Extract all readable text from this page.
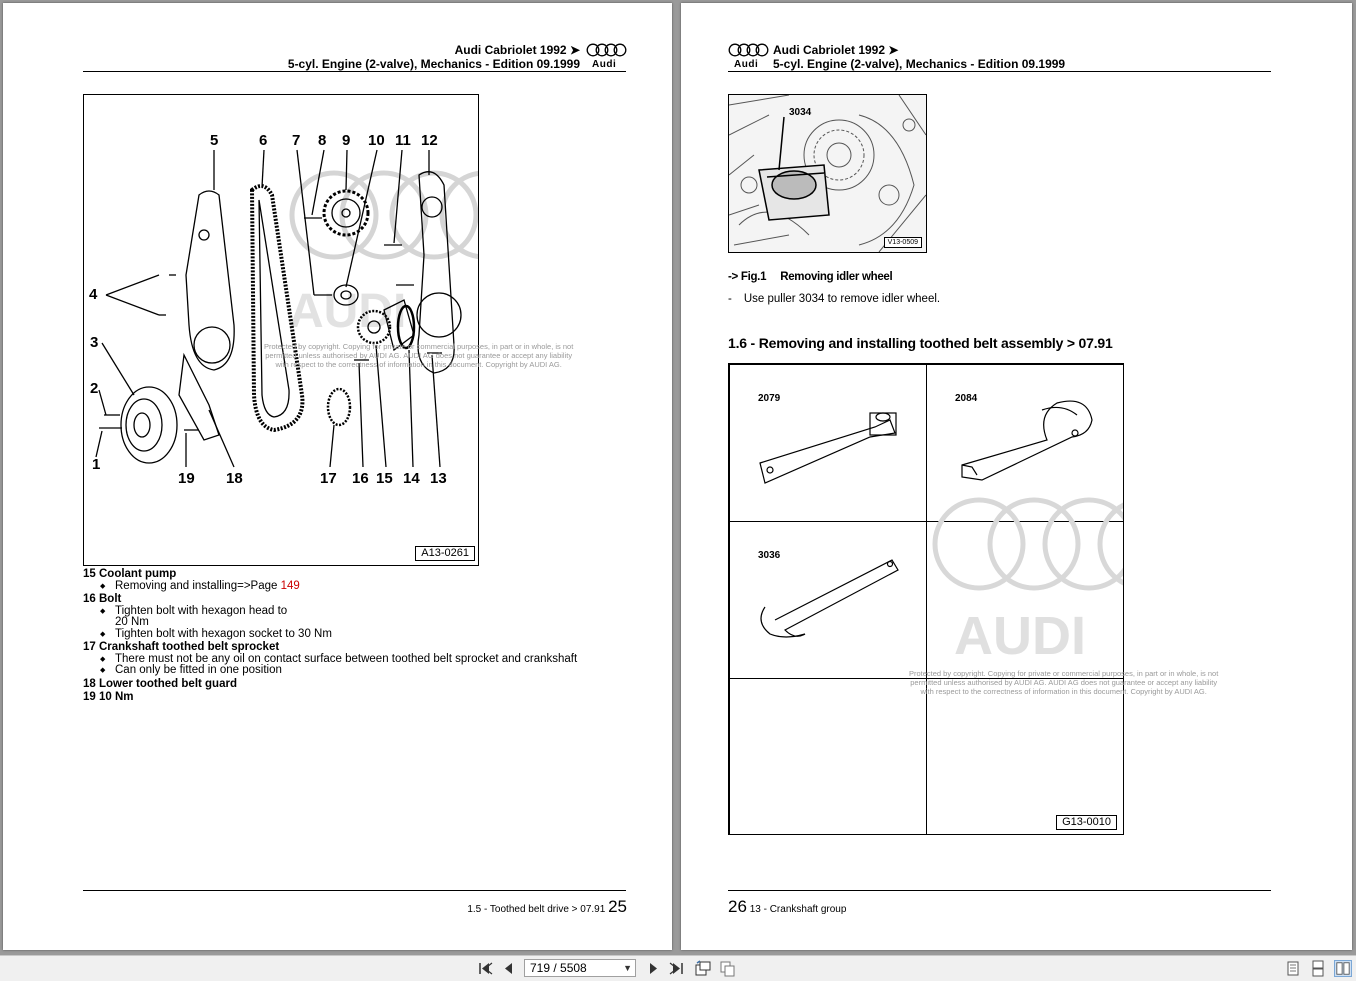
Audi Cabriolet 1992 ➤
5-cyl. Engine (2-valve), Mechanics - Edition 09.1999 Audi
AUDI
1
2
3
4
5	6 7 8 9 10 11 12
13
14
15
16
17
18
19
Protected by copyright. Copying for private or commercial purposes, in part or in whole, is not
permitted unless authorised by AUDI AG. AUDI AG does not guarantee or accept any liability
with respect to the correctness of information in this document. Copyright by AUDI AG.
A13-0261
15 Coolant pump
◆ Removing and installing=>Page 149
16 Bolt
◆ Tighten bolt with hexagon head to
20 Nm
◆ Tighten bolt with hexagon socket to 30 Nm
17 Crankshaft toothed belt sprocket
◆ There must not be any oil on contact surface between toothed belt sprocket and crankshaft
◆ Can only be fitted in one position
18 Lower toothed belt guard
19 10 Nm
1.5 - Toothed belt drive > 07.91 25
Audi
Audi Cabriolet 1992 ➤
5-cyl. Engine (2-valve), Mechanics - Edition 09.1999
3034
V13-0509
-> Fig.1 Removing idler wheel
- Use puller 3034 to remove idler wheel.
1.6 - Removing and installing toothed belt assembly > 07.91
2079	2084
3036
AUDI
Protected by copyright. Copying for private or commercial purposes, in part or in whole, is not
permitted unless authorised by AUDI AG. AUDI AG does not guarantee or accept any liability
with respect to the correctness of information in this document. Copyright by AUDI AG.
G13-0010
26 13 - Crankshaft group
719 / 5508	▼
